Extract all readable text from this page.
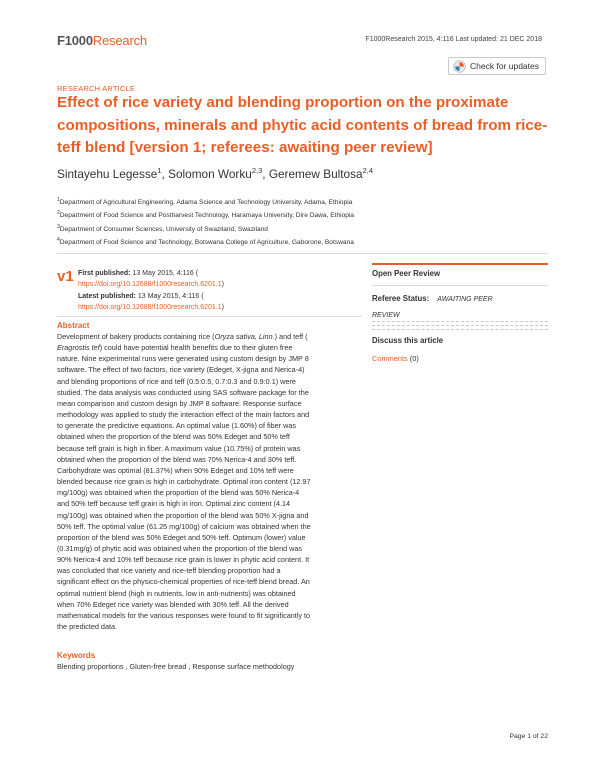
F1000Research	F1000Research 2015, 4:116 Last updated: 21 DEC 2018
Check for updates
RESEARCH ARTICLE
Effect of rice variety and blending proportion on the proximate compositions, minerals and phytic acid contents of bread from rice-teff blend [version 1; referees: awaiting peer review]
Sintayehu Legesse$^1$, Solomon Worku$^{2,3}$, Geremew Bultosa$^{2,4}$
$^1$Department of Agricultural Engineering, Adama Science and Technology University, Adama, Ethiopia
$^2$Department of Food Science and Postharvest Technology, Haramaya University, Dire Dawa, Ethiopia
$^3$Department of Consumer Sciences, University of Swaziland, Swaziland
$^4$Department of Food Science and Technology, Botswana College of Agriculture, Gaborone, Botswana
v1 First published: 13 May 2015, 4:116 (
https://doi.org/10.12688/f1000research.6201.1)
Latest published: 13 May 2015, 4:116 (
https://doi.org/10.12688/f1000research.6201.1)
Abstract
Development of bakery products containing rice (Oryza sativa, Linn.) and teff (
Eragrostis tef) could have potential health benefits due to their gluten free
nature. Nine experimental runs were generated using custom design by JMP 8
software. The effect of two factors, rice variety (Edeget, X-jigna and Nerica-4)
and blending proportions of rice and teff (0.5:0.5, 0.7:0.3 and 0.9:0.1) were
studied. The data analysis was conducted using SAS software package for the
mean comparison and custom design by JMP 8 software. Response surface
methodology was applied to study the interaction effect of the main factors and
to generate the predictive equations. An optimal value (1.60%) of fiber was
obtained when the proportion of the blend was 50% Edeget and 50% teff
because teff grain is high in fiber. A maximum value (10.75%) of protein was
obtained when the proportion of the blend was 70% Nerica-4 and 30% teff.
Carbohydrate was optimal (81.37%) when 90% Edeget and 10% teff were
blended because rice grain is high in carbohydrate. Optimal iron content (12.97
mg/100g) was obtained when the proportion of the blend was 50% Nerica-4
and 50% teff because teff grain is high in iron. Optimal zinc content (4.14
mg/100g) was obtained when the proportion of the blend was 50% X-jigna and
50% teff. The optimal value (61.25 mg/100g) of calcium was obtained when the
proportion of the blend was 50% Edeget and 50% teff. Optimum (lower) value
(0.31mg/g) of phytic acid was obtained when the proportion of the blend was
90% Nerica-4 and 10% teff because rice grain is lower in phytic acid content. It
was concluded that rice variety and rice-teff blending proportion had a
significant effect on the physico-chemical properties of rice-teff blend bread. An
optimal nutrient blend (high in nutrients, low in anti-nutrients) was obtained
when 70% Edeget rice variety was blended with 30% teff. All the derived
mathematical models for the various responses were found to fit significantly to
the predicted data.
Keywords
Blending proportions , Gluten-free bread , Response surface methodology
Open Peer Review
Referee Status: AWAITING PEER
REVIEW
Discuss this article
Comments (0)
Page 1 of 22
